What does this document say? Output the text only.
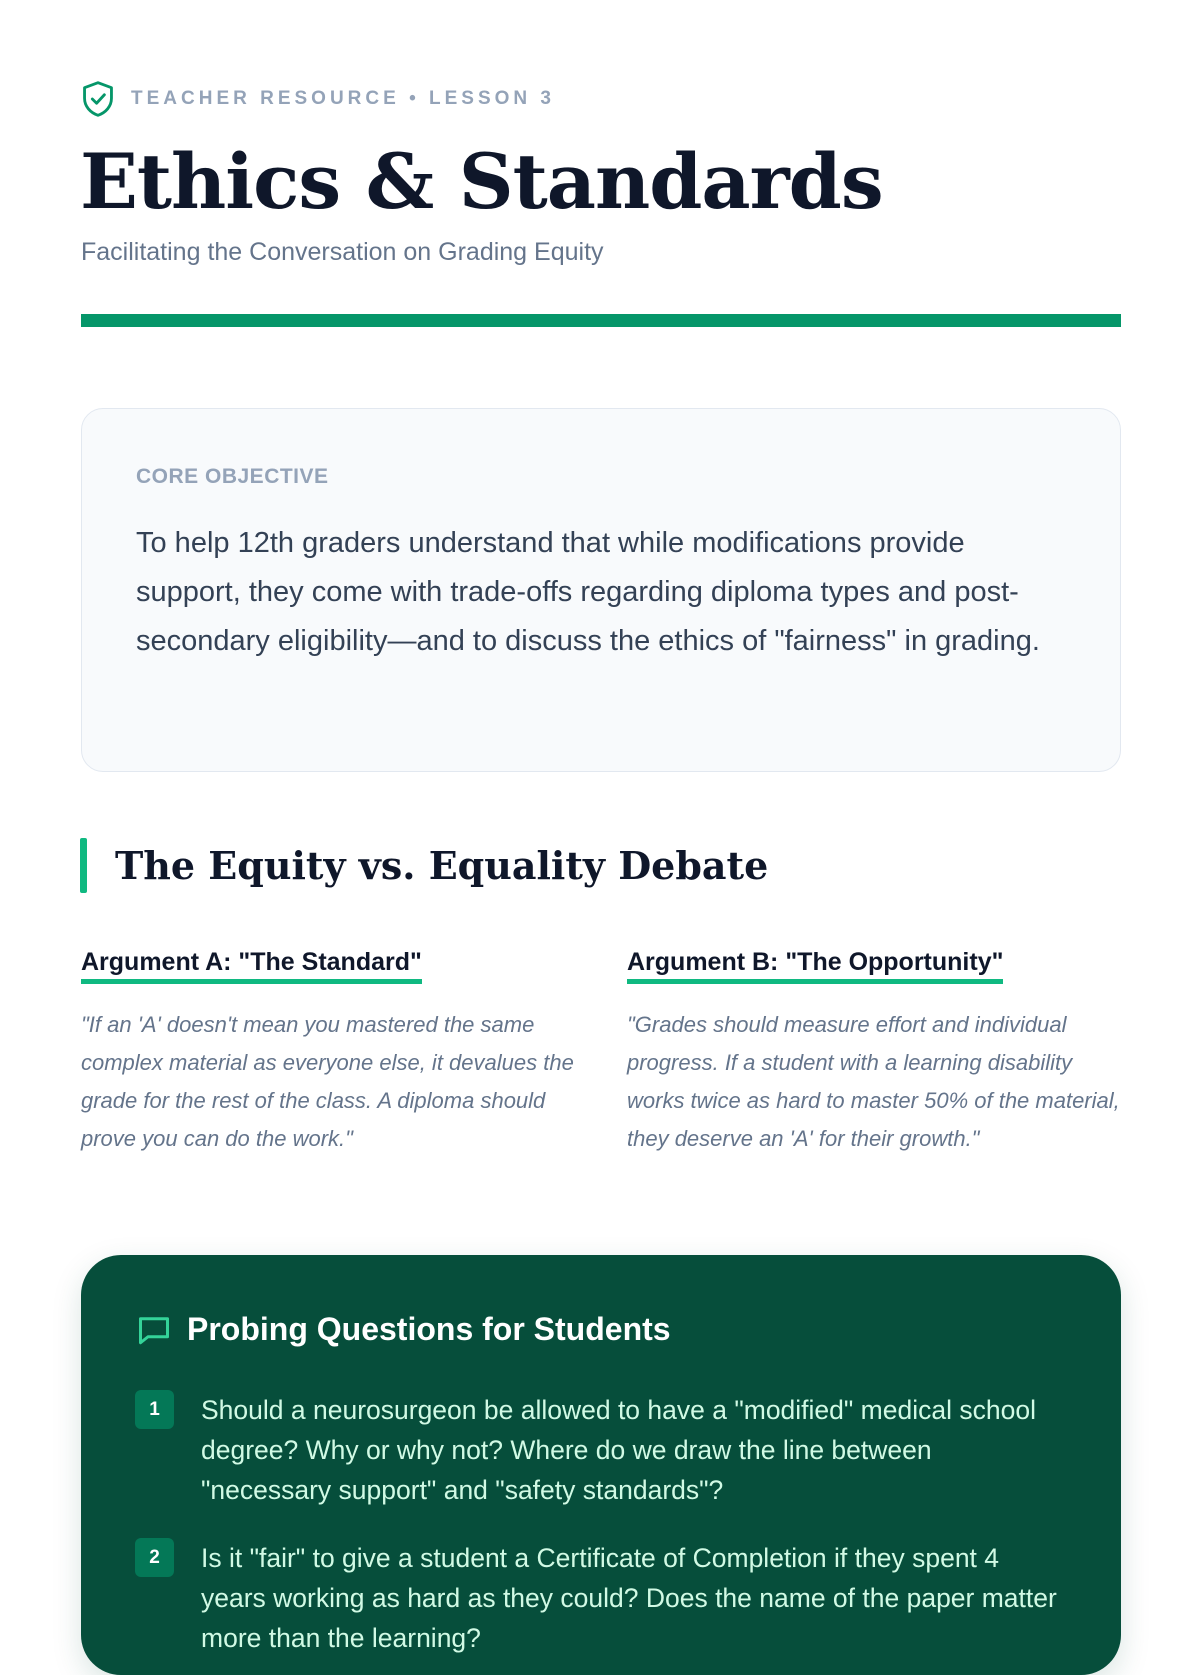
TEACHER RESOURCE • LESSON 3
Ethics & Standards
Facilitating the Conversation on Grading Equity
CORE OBJECTIVE

To help 12th graders understand that while modifications provide support, they come with trade-offs regarding diploma types and post-secondary eligibility—and to discuss the ethics of "fairness" in grading.

The Equity vs. Equality Debate
Argument A: "The Standard"

"If an 'A' doesn't mean you mastered the same complex material as everyone else, it devalues the grade for the rest of the class. A diploma should prove you can do the work."

Argument B: "The Opportunity"

"Grades should measure effort and individual progress. If a student with a learning disability works twice as hard to master 50% of the material, they deserve an 'A' for their growth."

Probing Questions for Students
1	Should a neurosurgeon be allowed to have a "modified" medical school degree? Why or why not? Where do we draw the line between "necessary support" and "safety standards"?

2	Is it "fair" to give a student a Certificate of Completion if they spent 4 years working as hard as they could? Does the name of the paper matter more than the learning?
